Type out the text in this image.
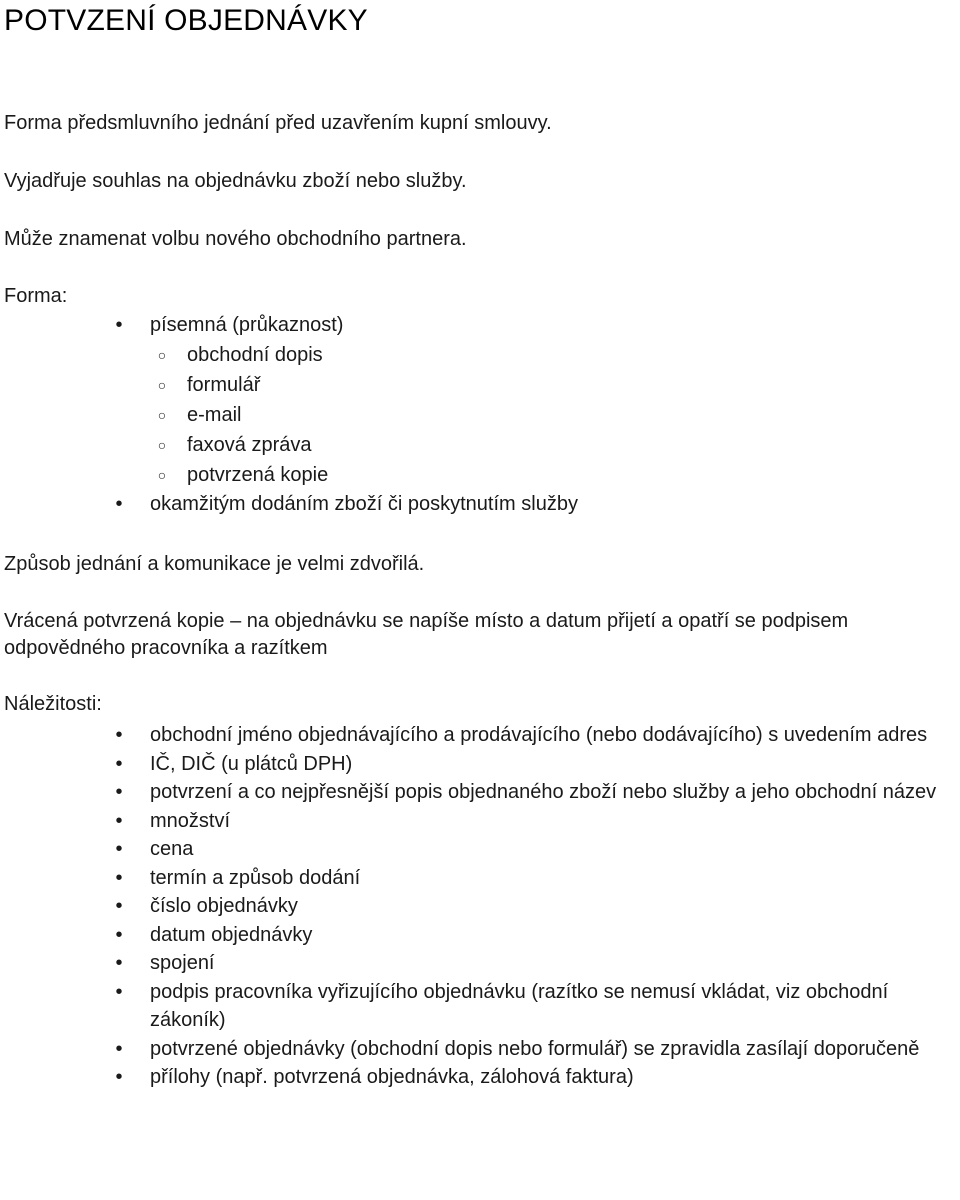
POTVZENÍ OBJEDNÁVKY

Forma předsmluvního jednání před uzavřením kupní smlouvy.

Vyjadřuje souhlas na objednávku zboží nebo služby.

Může znamenat volbu nového obchodního partnera.

Forma:

• písemná (průkaznost)
○ obchodní dopis
○ formulář
○ e-mail
○ faxová zpráva
○ potvrzená kopie
• okamžitým dodáním zboží či poskytnutím služby

Způsob jednání a komunikace je velmi zdvořilá.

Vrácená potvrzená kopie – na objednávku se napíše místo a datum přijetí a opatří se podpisem odpovědného pracovníka a razítkem

Náležitosti:

• obchodní jméno objednávajícího a prodávajícího (nebo dodávajícího) s uvedením adres
• IČ, DIČ (u plátců DPH)
• potvrzení a co nejpřesnější popis objednaného zboží nebo služby a jeho obchodní název
• množství
• cena
• termín a způsob dodání
• číslo objednávky
• datum objednávky
• spojení
• podpis pracovníka vyřizujícího objednávku (razítko se nemusí vkládat, viz obchodní zákoník)
• potvrzené objednávky (obchodní dopis nebo formulář) se zpravidla zasílají doporučeně
• přílohy (např. potvrzená objednávka, zálohová faktura)
